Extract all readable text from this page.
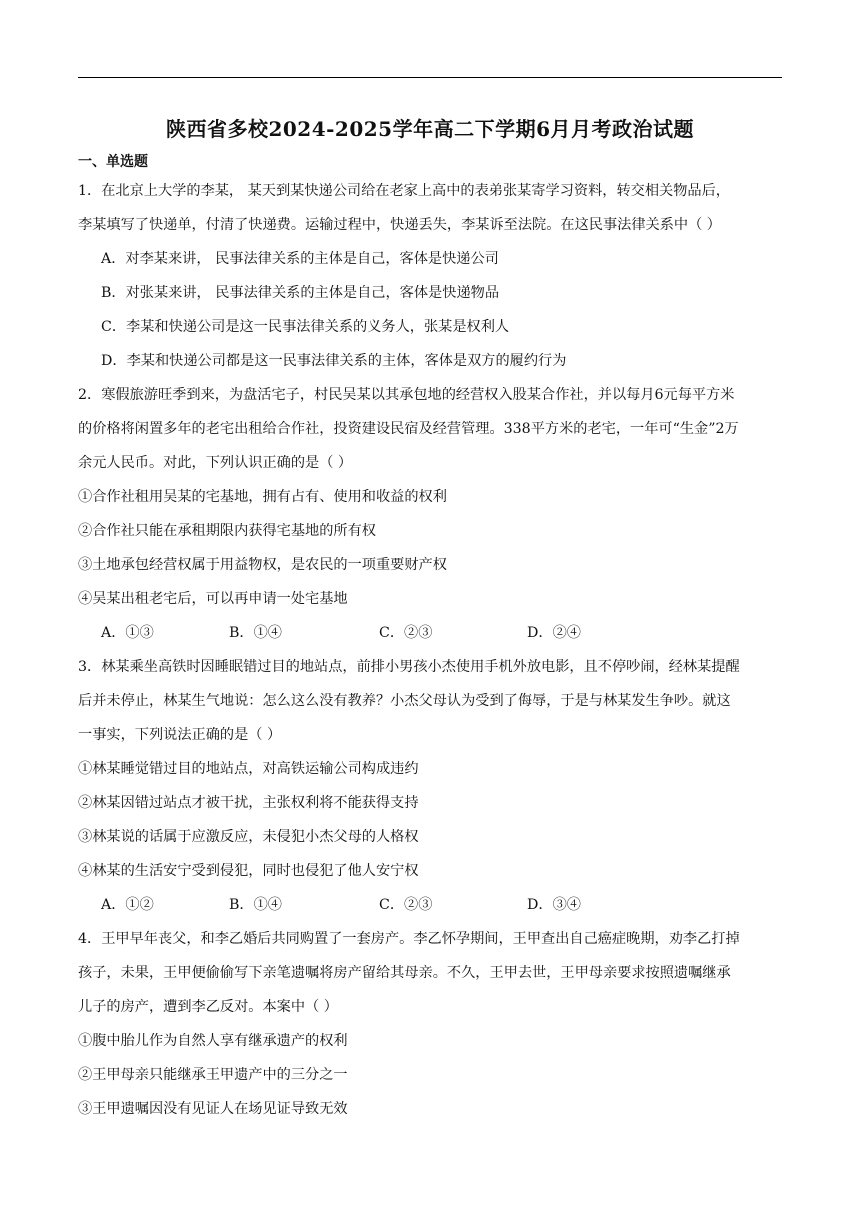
陕西省多校2024-2025学年高二下学期6月月考政治试题
一、单选题
1．在北京上大学的李某， 某天到某快递公司给在老家上高中的表弟张某寄学习资料，转交相关物品后，
李某填写了快递单，付清了快递费。运输过程中，快递丢失，李某诉至法院。在这民事法律关系中（ ）
A．对李某来讲， 民事法律关系的主体是自己，客体是快递公司
B．对张某来讲， 民事法律关系的主体是自己，客体是快递物品
C．李某和快递公司是这一民事法律关系的义务人，张某是权利人
D．李某和快递公司都是这一民事法律关系的主体，客体是双方的履约行为
2．寒假旅游旺季到来，为盘活宅子，村民吴某以其承包地的经营权入股某合作社，并以每月6元每平方米
的价格将闲置多年的老宅出租给合作社，投资建设民宿及经营管理。338平方米的老宅，一年可“生金”2万
余元人民币。对此，下列认识正确的是（ ）
①合作社租用吴某的宅基地，拥有占有、使用和收益的权利
②合作社只能在承租期限内获得宅基地的所有权
③土地承包经营权属于用益物权，是农民的一项重要财产权
④吴某出租老宅后，可以再申请一处宅基地
A．①③	B．①④	C．②③	D．②④
3．林某乘坐高铁时因睡眠错过目的地站点，前排小男孩小杰使用手机外放电影，且不停吵闹，经林某提醒
后并未停止，林某生气地说：怎么这么没有教养？小杰父母认为受到了侮辱，于是与林某发生争吵。就这
一事实，下列说法正确的是（ ）
①林某睡觉错过目的地站点，对高铁运输公司构成违约
②林某因错过站点才被干扰，主张权利将不能获得支持
③林某说的话属于应激反应，未侵犯小杰父母的人格权
④林某的生活安宁受到侵犯，同时也侵犯了他人安宁权
A．①②	B．①④	C．②③	D．③④
4．王甲早年丧父，和李乙婚后共同购置了一套房产。李乙怀孕期间，王甲查出自己癌症晚期，劝李乙打掉
孩子，未果，王甲便偷偷写下亲笔遗嘱将房产留给其母亲。不久，王甲去世，王甲母亲要求按照遗嘱继承
儿子的房产，遭到李乙反对。本案中（ ）
①腹中胎儿作为自然人享有继承遗产的权利
②王甲母亲只能继承王甲遗产中的三分之一
③王甲遗嘱因没有见证人在场见证导致无效
